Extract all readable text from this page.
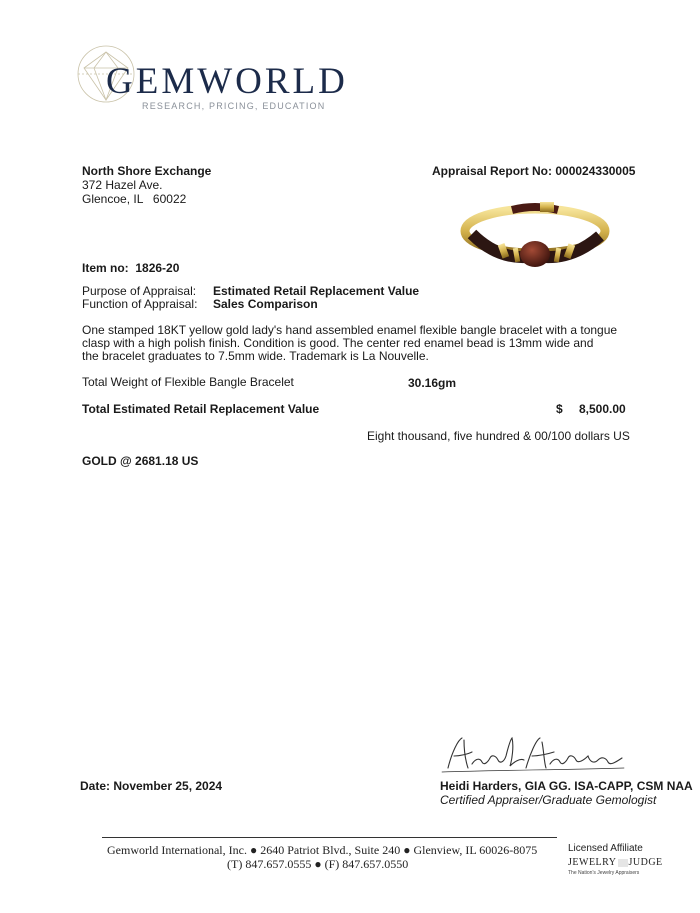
GEMWORLD
RESEARCH, PRICING, EDUCATION
North Shore Exchange
372 Hazel Ave.
Glencoe, IL   60022
Appraisal Report No: 000024330005
Item no: 1826-20
Purpose of Appraisal: Estimated Retail Replacement Value
Function of Appraisal: Sales Comparison
One stamped 18KT yellow gold lady's hand assembled enamel flexible bangle bracelet with a tongue
clasp with a high polish finish. Condition is good. The center red enamel bead is 13mm wide and
the bracelet graduates to 7.5mm wide. Trademark is La Nouvelle.
Total Weight of Flexible Bangle Bracelet	30.16gm
Total Estimated Retail Replacement Value	$ 8,500.00
Eight thousand, five hundred & 00/100 dollars US
GOLD @ 2681.18 US
Date: November 25, 2024	Heidi Harders, GIA GG. ISA-CAPP, CSM NAA
Certified Appraiser/Graduate Gemologist
Gemworld International, Inc. ● 2640 Patriot Blvd., Suite 240 ● Glenview, IL 60026-8075
(T) 847.657.0555 ● (F) 847.657.0550
Licensed Affiliate
JEWELRY JUDGE
The Nation's Jewelry Appraisers
